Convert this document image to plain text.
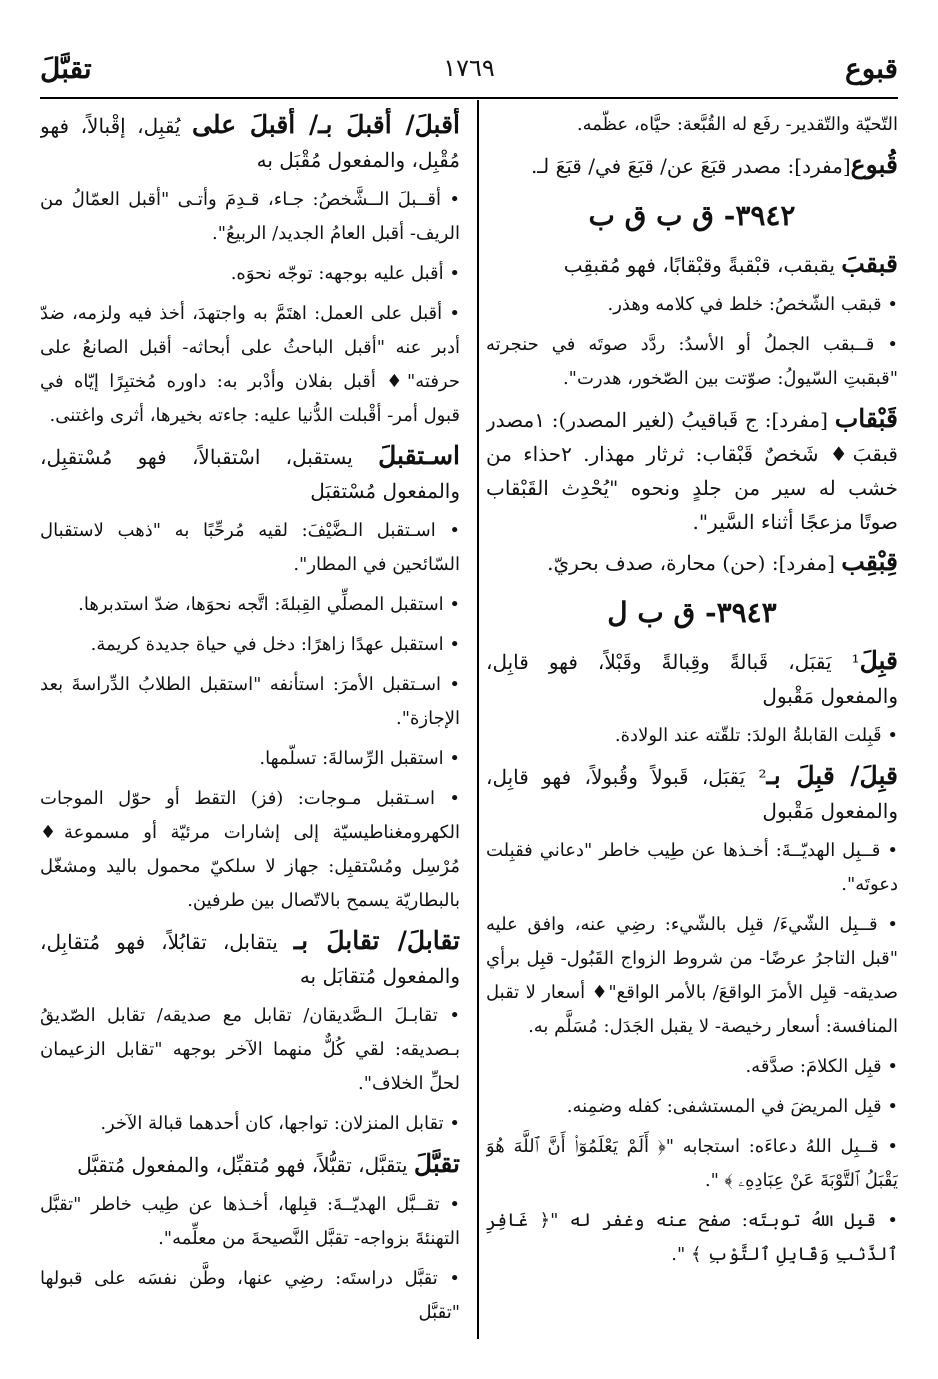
قبوع
١٧٦٩
تقبَّلَ

التّحيّة والتّقدير- رفَع له القُبَّعة: حيَّاه، عظّمه.

قُبوع[مفرد]: مصدر قبَعَ عن/ قبَعَ في/ قبَعَ لـ.

٣٩٤٢- ق ب ق ب

قبقبَ يقبقب، قبْقبةً وقبْقابًا، فهو مُقبقِب

• قبقب الشّخصُ: خلط في كلامه وهذر.

• قــبقب الجملُ أو الأسدُ: ردَّد صوتَه في حنجرته "قبقبتِ السّيولُ: صوّتت بين الصّخور، هدرت".

قَبْقاب [مفرد]: ج قَباقيبُ (لغير المصدر): ١مصدر قبقبَ♦ شَخصٌ قَبْقاب: ثرثار مهذار. ٢حذاء من خشب له سير من جلدٍ ونحوه "يُحْدِث القَبْقاب صوتًا مزعجًا أثناء السَّير".

قِبْقِب [مفرد]: (حن) محارة، صدف بحريّ.

٣٩٤٣- ق ب ل

قبِلَ¹ يَقبَل، قَبالةً وقِبالةً وقَبْلاً، فهو قابِل، والمفعول مَقْبول

• قَبِلت القابلةُ الولدَ: تلقّته عند الولادة.

قبِلَ/ قبِلَ بـ² يَقبَل، قَبولاً وقُبولاً، فهو قابِل، والمفعول مَقْبول

• قــبِل الهديّــةَ: أخـذها عن طِيب خاطر "دعاني فقبِلت دعوتَه".

• قــبِل الشّيءَ/ قبِل بالشّيء: رضِي عنه، وافق عليه "قبل التاجرُ عرضًا- من شروط الزواج القَبُول- قبِل برأي صديقه- قبِل الأمرَ الواقعَ/ بالأمر الواقع"♦ أسعار لا تقبل المنافسة: أسعار رخيصة- لا يقبل الجَدَل: مُسَلَّم به.

• قبِل الكلامَ: صدَّقه.

• قبِل المريضَ في المستشفى: كفله وضمِنه.

• قــبِل اللهُ دعاءَه: استجابه "﴿ أَلَمْ يَعْلَمُوٓا۟ أَنَّ ٱللَّهَ هُوَ يَقْبَلُ ٱلتَّوْبَةَ عَنْ عِبَادِهِۦ ﴾ ".

• قبِل اللهُ توبتَه: صفح عنه وغفر له "﴿ غَافِرِ ٱلذَّنۢبِ وَقَابِلِ ٱلتَّوْبِ ﴾ ".

أقبلَ/ أقبلَ بـ/ أقبلَ على يُقبِل، إقْبالاً، فهو مُقْبِل، والمفعول مُقْبَل به

• أقــبلَ الــشَّخصُ: جـاء، قـدِمَ وأتـى "أقبل العمّالُ من الريف- أقبل العامُ الجديد/ الربيعُ".

• أقبل عليه بوجهه: توجّه نحوَه.

• أقبل على العمل: اهتَمَّ به واجتهدَ، أخذ فيه ولزمه، ضدّ أدبر عنه "أقبل الباحثُ على أبحاثه- أقبل الصانعُ على حرفته"♦ أقبل بفلان وأدْبر به: داوره مُختبِرًا إيّاه في قبول أمر- أقْبلت الدُّنيا عليه: جاءته بخيرها، أثرى واغتنى.

اسـتقبلَ يستقبل، اسْتقبالاً، فهو مُسْتقبِل، والمفعول مُسْتقبَل

• اسـتقبل الـضَّيْفَ: لقيه مُرحِّبًا به "ذهب لاستقبال السّائحين في المطار".

• استقبل المصلِّي القِبلةَ: اتَّجه نحوَها، ضدّ استدبرها.

• استقبل عهدًا زاهرًا: دخل في حياة جديدة كريمة.

• اسـتقبل الأمرَ: استأنفه "استقبل الطلابُ الدِّراسةَ بعد الإجازة".

• استقبل الرِّسالةَ: تسلّمها.

• اسـتقبل مـوجات: (فز) التقط أو حوّل الموجات الكهرومغناطيسيّة إلى إشارات مرئيّة أو مسموعة♦ مُرْسِل ومُسْتقبِل: جهاز لا سلكيّ محمول باليد ومشغّل بالبطاريّة يسمح بالاتّصال بين طرفين.

تقابلَ/ تقابلَ بـ يتقابل، تقابُلاً، فهو مُتقابِل، والمفعول مُتقابَل به

• تقابـلَ الـصَّديقان/ تقابل مع صديقه/ تقابل الصّديقُ بـصديقه: لقي كُلٌّ منهما الآخر بوجهه "تقابل الزعيمان لحلِّ الخلاف".

• تقابل المنزلان: تواجها، كان أحدهما قبالة الآخر.

تقبَّلَ يتقبَّل، تقبُّلاً، فهو مُتقبِّل، والمفعول مُتقبَّل

• تقــبَّل الهديّــةَ: قبِلها، أخـذها عن طِيب خاطر "تقبَّل التهنئةَ بزواجه- تقبَّل النَّصيحةَ من معلِّمه".

• تقبَّل دراستَه: رضِي عنها، وطَّن نفسَه على قبولها "تقبَّل
